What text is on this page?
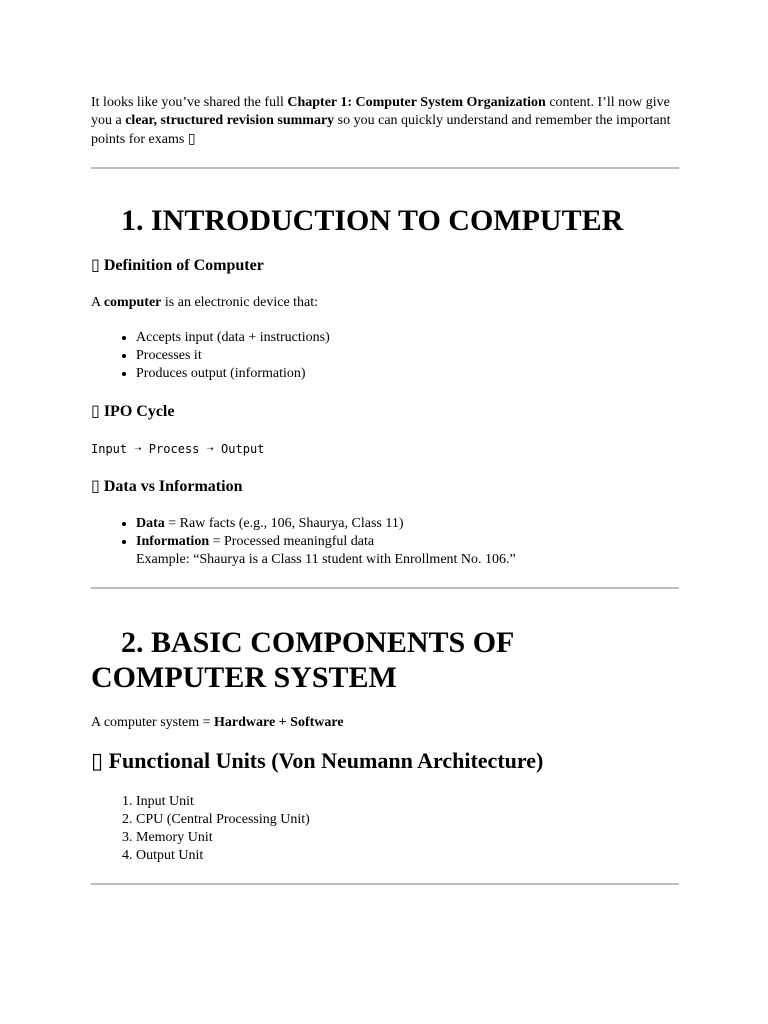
It looks like you’ve shared the full Chapter 1: Computer System Organization content. I’ll now give you a clear, structured revision summary so you can quickly understand and remember the important points for exams ▯

1. INTRODUCTION TO COMPUTER
▯ Definition of Computer

A computer is an electronic device that:

• Accepts input (data + instructions)
• Processes it
• Produces output (information)
▯ IPO Cycle

Input ➝ Process ➝ Output

▯ Data vs Information
• Data = Raw facts (e.g., 106, Shaurya, Class 11)
• Information = Processed meaningful data
Example: “Shaurya is a Class 11 student with Enrollment No. 106.”
2. BASIC COMPONENTS OF
COMPUTER SYSTEM

A computer system = Hardware + Software

▯ Functional Units (Von Neumann Architecture)
1. Input Unit
2. CPU (Central Processing Unit)
3. Memory Unit
4. Output Unit
